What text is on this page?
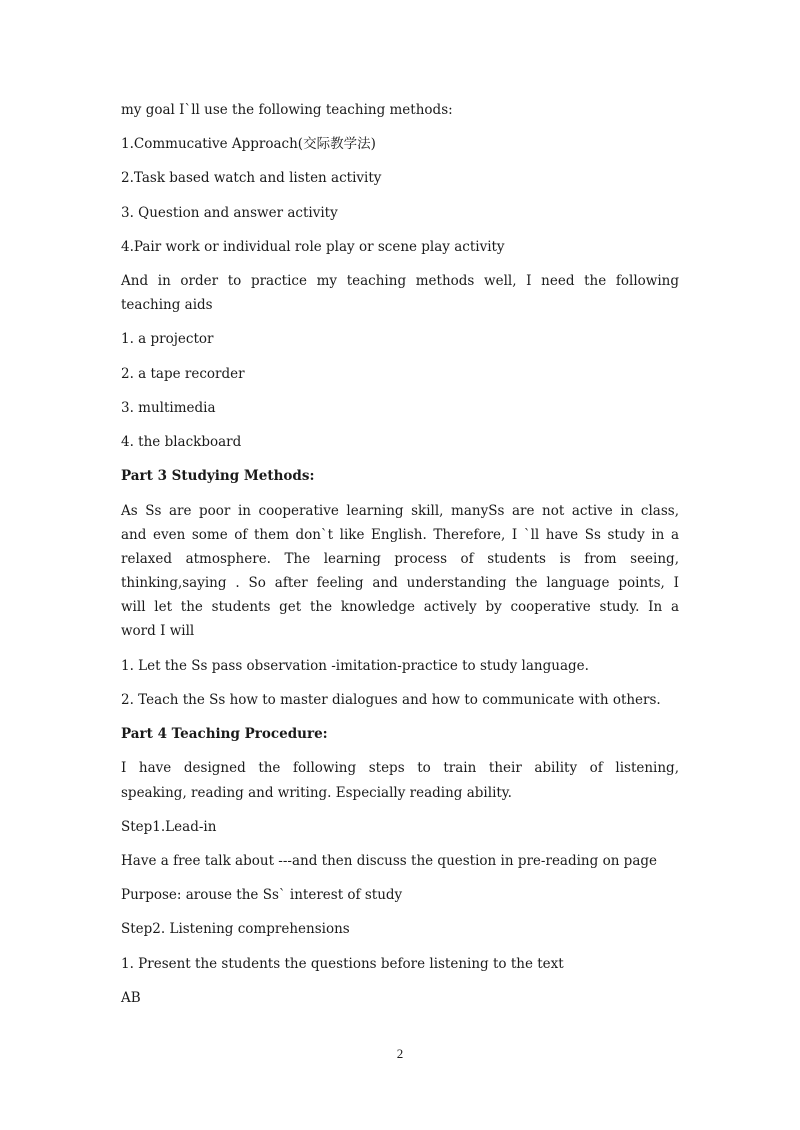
my goal I`ll use the following teaching methods:
1.Commucative Approach(交际教学法)
2.Task based watch and listen activity
3. Question and answer activity
4.Pair work or individual role play or scene play activity
And in order to practice my teaching methods well, I need the following
teaching aids
1. a projector
2. a tape recorder
3. multimedia
4. the blackboard
Part 3 Studying Methods:
As Ss are poor in cooperative learning skill, manySs are not active in class,
and even some of them don`t like English. Therefore, I `ll have Ss study in a
relaxed atmosphere. The learning process of students is from seeing,
thinking,saying . So after feeling and understanding the language points, I
will let the students get the knowledge actively by cooperative study. In a
word I will
1. Let the Ss pass observation -imitation-practice to study language.
2. Teach the Ss how to master dialogues and how to communicate with others.
Part 4 Teaching Procedure:
I have designed the following steps to train their ability of listening,
speaking, reading and writing. Especially reading ability.
Step1.Lead-in
Have a free talk about ---and then discuss the question in pre-reading on page
Purpose: arouse the Ss` interest of study
Step2. Listening comprehensions
1. Present the students the questions before listening to the text
AB
2
